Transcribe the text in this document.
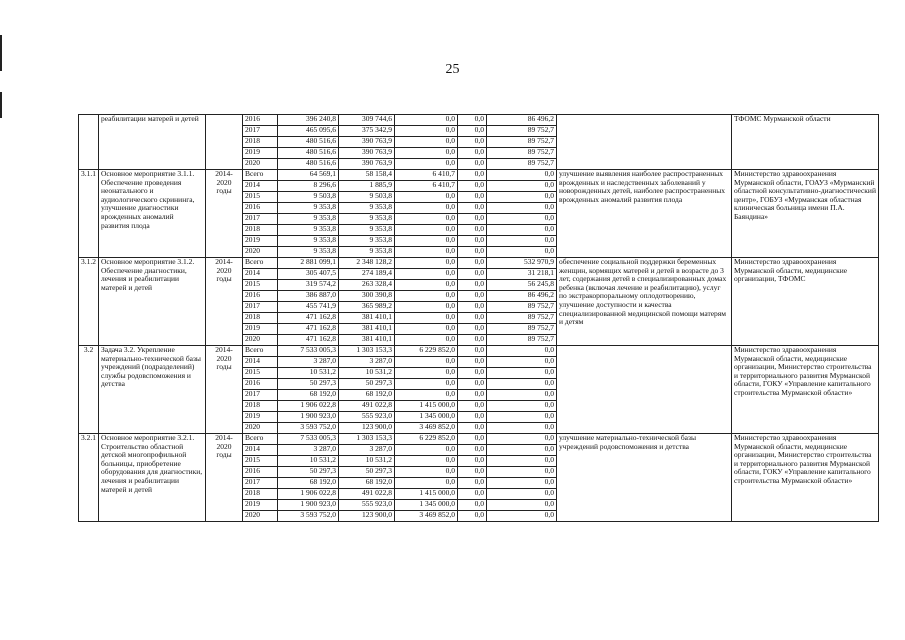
25
	реабилитации матерей и детей		2016	396 240,8	309 744,6	0,0	0,0	86 496,2		ТФОМС Мурманской области
			2017	465 095,6	375 342,9	0,0	0,0	89 752,7		
			2018	480 516,6	390 763,9	0,0	0,0	89 752,7		
			2019	480 516,6	390 763,9	0,0	0,0	89 752,7		
			2020	480 516,6	390 763,9	0,0	0,0	89 752,7		
3.1.1	Основное мероприятие 3.1.1. Обеспечение проведения неонатального и аудиологического скрининга, улучшение диагностики врожденных аномалий развития плода	2014-2020 годы	Всего	64 569,1	58 158,4	6 410,7	0,0	0,0	улучшение выявления наиболее распространенных врожденных и наследственных заболеваний у новорожденных детей, наиболее распространенных врожденных аномалий развития плода	Министерство здравоохранения Мурманской области, ГОАУЗ «Мурманский областной консультативно-диагностический центр», ГОБУЗ «Мурманская областная клиническая больница имени П.А. Баяндина»
			2014	8 296,6	1 885,9	6 410,7	0,0	0,0		
			2015	9 503,8	9 503,8	0,0	0,0	0,0		
			2016	9 353,8	9 353,8	0,0	0,0	0,0		
			2017	9 353,8	9 353,8	0,0	0,0	0,0		
			2018	9 353,8	9 353,8	0,0	0,0	0,0		
			2019	9 353,8	9 353,8	0,0	0,0	0,0		
			2020	9 353,8	9 353,8	0,0	0,0	0,0		
3.1.2	Основное мероприятие 3.1.2. Обеспечение диагностики, лечения и реабилитации матерей и детей	2014-2020 годы	Всего	2 881 099,1	2 348 128,2	0,0	0,0	532 970,9	обеспечение социальной поддержки беременных женщин, кормящих матерей и детей в возрасте до 3 лет, содержания детей в специализированных домах ребенка (включая лечение и реабилитацию), услуг по экстракорпоральному оплодотворению, улучшение доступности и качества специализированной медицинской помощи матерям и детям	Министерство здравоохранения Мурманской области, медицинские организации, ТФОМС
			2014	305 407,5	274 189,4	0,0	0,0	31 218,1		
			2015	319 574,2	263 328,4	0,0	0,0	56 245,8		
			2016	386 887,0	300 390,8	0,0	0,0	86 496,2		
			2017	455 741,9	365 989,2	0,0	0,0	89 752,7		
			2018	471 162,8	381 410,1	0,0	0,0	89 752,7		
			2019	471 162,8	381 410,1	0,0	0,0	89 752,7		
			2020	471 162,8	381 410,1	0,0	0,0	89 752,7		
3.2	Задача 3.2. Укрепление материально-технической базы учреждений (подразделений) службы родовспоможения и детства	2014-2020 годы	Всего	7 533 005,3	1 303 153,3	6 229 852,0	0,0	0,0		Министерство здравоохранения Мурманской области, медицинские организации, Министерство строительства и территориального развития Мурманской области, ГОКУ «Управление капитального строительства Мурманской области»
			2014	3 287,0	3 287,0	0,0	0,0	0,0		
			2015	10 531,2	10 531,2	0,0	0,0	0,0		
			2016	50 297,3	50 297,3	0,0	0,0	0,0		
			2017	68 192,0	68 192,0	0,0	0,0	0,0		
			2018	1 906 022,8	491 022,8	1 415 000,0	0,0	0,0		
			2019	1 900 923,0	555 923,0	1 345 000,0	0,0	0,0		
			2020	3 593 752,0	123 900,0	3 469 852,0	0,0	0,0		
3.2.1	Основное мероприятие 3.2.1. Строительство областной детской многопрофильной больницы, приобретение оборудования для диагностики, лечения и реабилитации матерей и детей	2014-2020 годы	Всего	7 533 005,3	1 303 153,3	6 229 852,0	0,0	0,0	улучшение материально-технической базы учреждений родовспоможения и детства	Министерство здравоохранения Мурманской области, медицинские организации, Министерство строительства и территориального развития Мурманской области, ГОКУ «Управление капитального строительства Мурманской области»
			2014	3 287,0	3 287,0	0,0	0,0	0,0		
			2015	10 531,2	10 531,2	0,0	0,0	0,0		
			2016	50 297,3	50 297,3	0,0	0,0	0,0		
			2017	68 192,0	68 192,0	0,0	0,0	0,0		
			2018	1 906 022,8	491 022,8	1 415 000,0	0,0	0,0		
			2019	1 900 923,0	555 923,0	1 345 000,0	0,0	0,0		
			2020	3 593 752,0	123 900,0	3 469 852,0	0,0	0,0		
